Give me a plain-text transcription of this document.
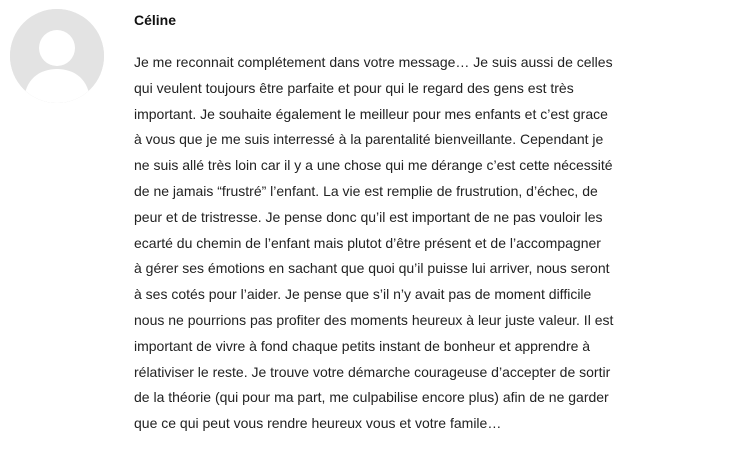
Céline
Je me reconnait complétement dans votre message… Je suis aussi de celles
qui veulent toujours être parfaite et pour qui le regard des gens est très
important. Je souhaite également le meilleur pour mes enfants et c’est grace
à vous que je me suis interressé à la parentalité bienveillante. Cependant je
ne suis allé très loin car il y a une chose qui me dérange c’est cette nécessité
de ne jamais “frustré” l’enfant. La vie est remplie de frustrution, d’échec, de
peur et de tristresse. Je pense donc qu’il est important de ne pas vouloir les
ecarté du chemin de l’enfant mais plutot d’être présent et de l’accompagner
à gérer ses émotions en sachant que quoi qu’il puisse lui arriver, nous seront
à ses cotés pour l’aider. Je pense que s’il n’y avait pas de moment difficile
nous ne pourrions pas profiter des moments heureux à leur juste valeur. Il est
important de vivre à fond chaque petits instant de bonheur et apprendre à
rélativiser le reste. Je trouve votre démarche courageuse d’accepter de sortir
de la théorie (qui pour ma part, me culpabilise encore plus) afin de ne garder
que ce qui peut vous rendre heureux vous et votre famile…
